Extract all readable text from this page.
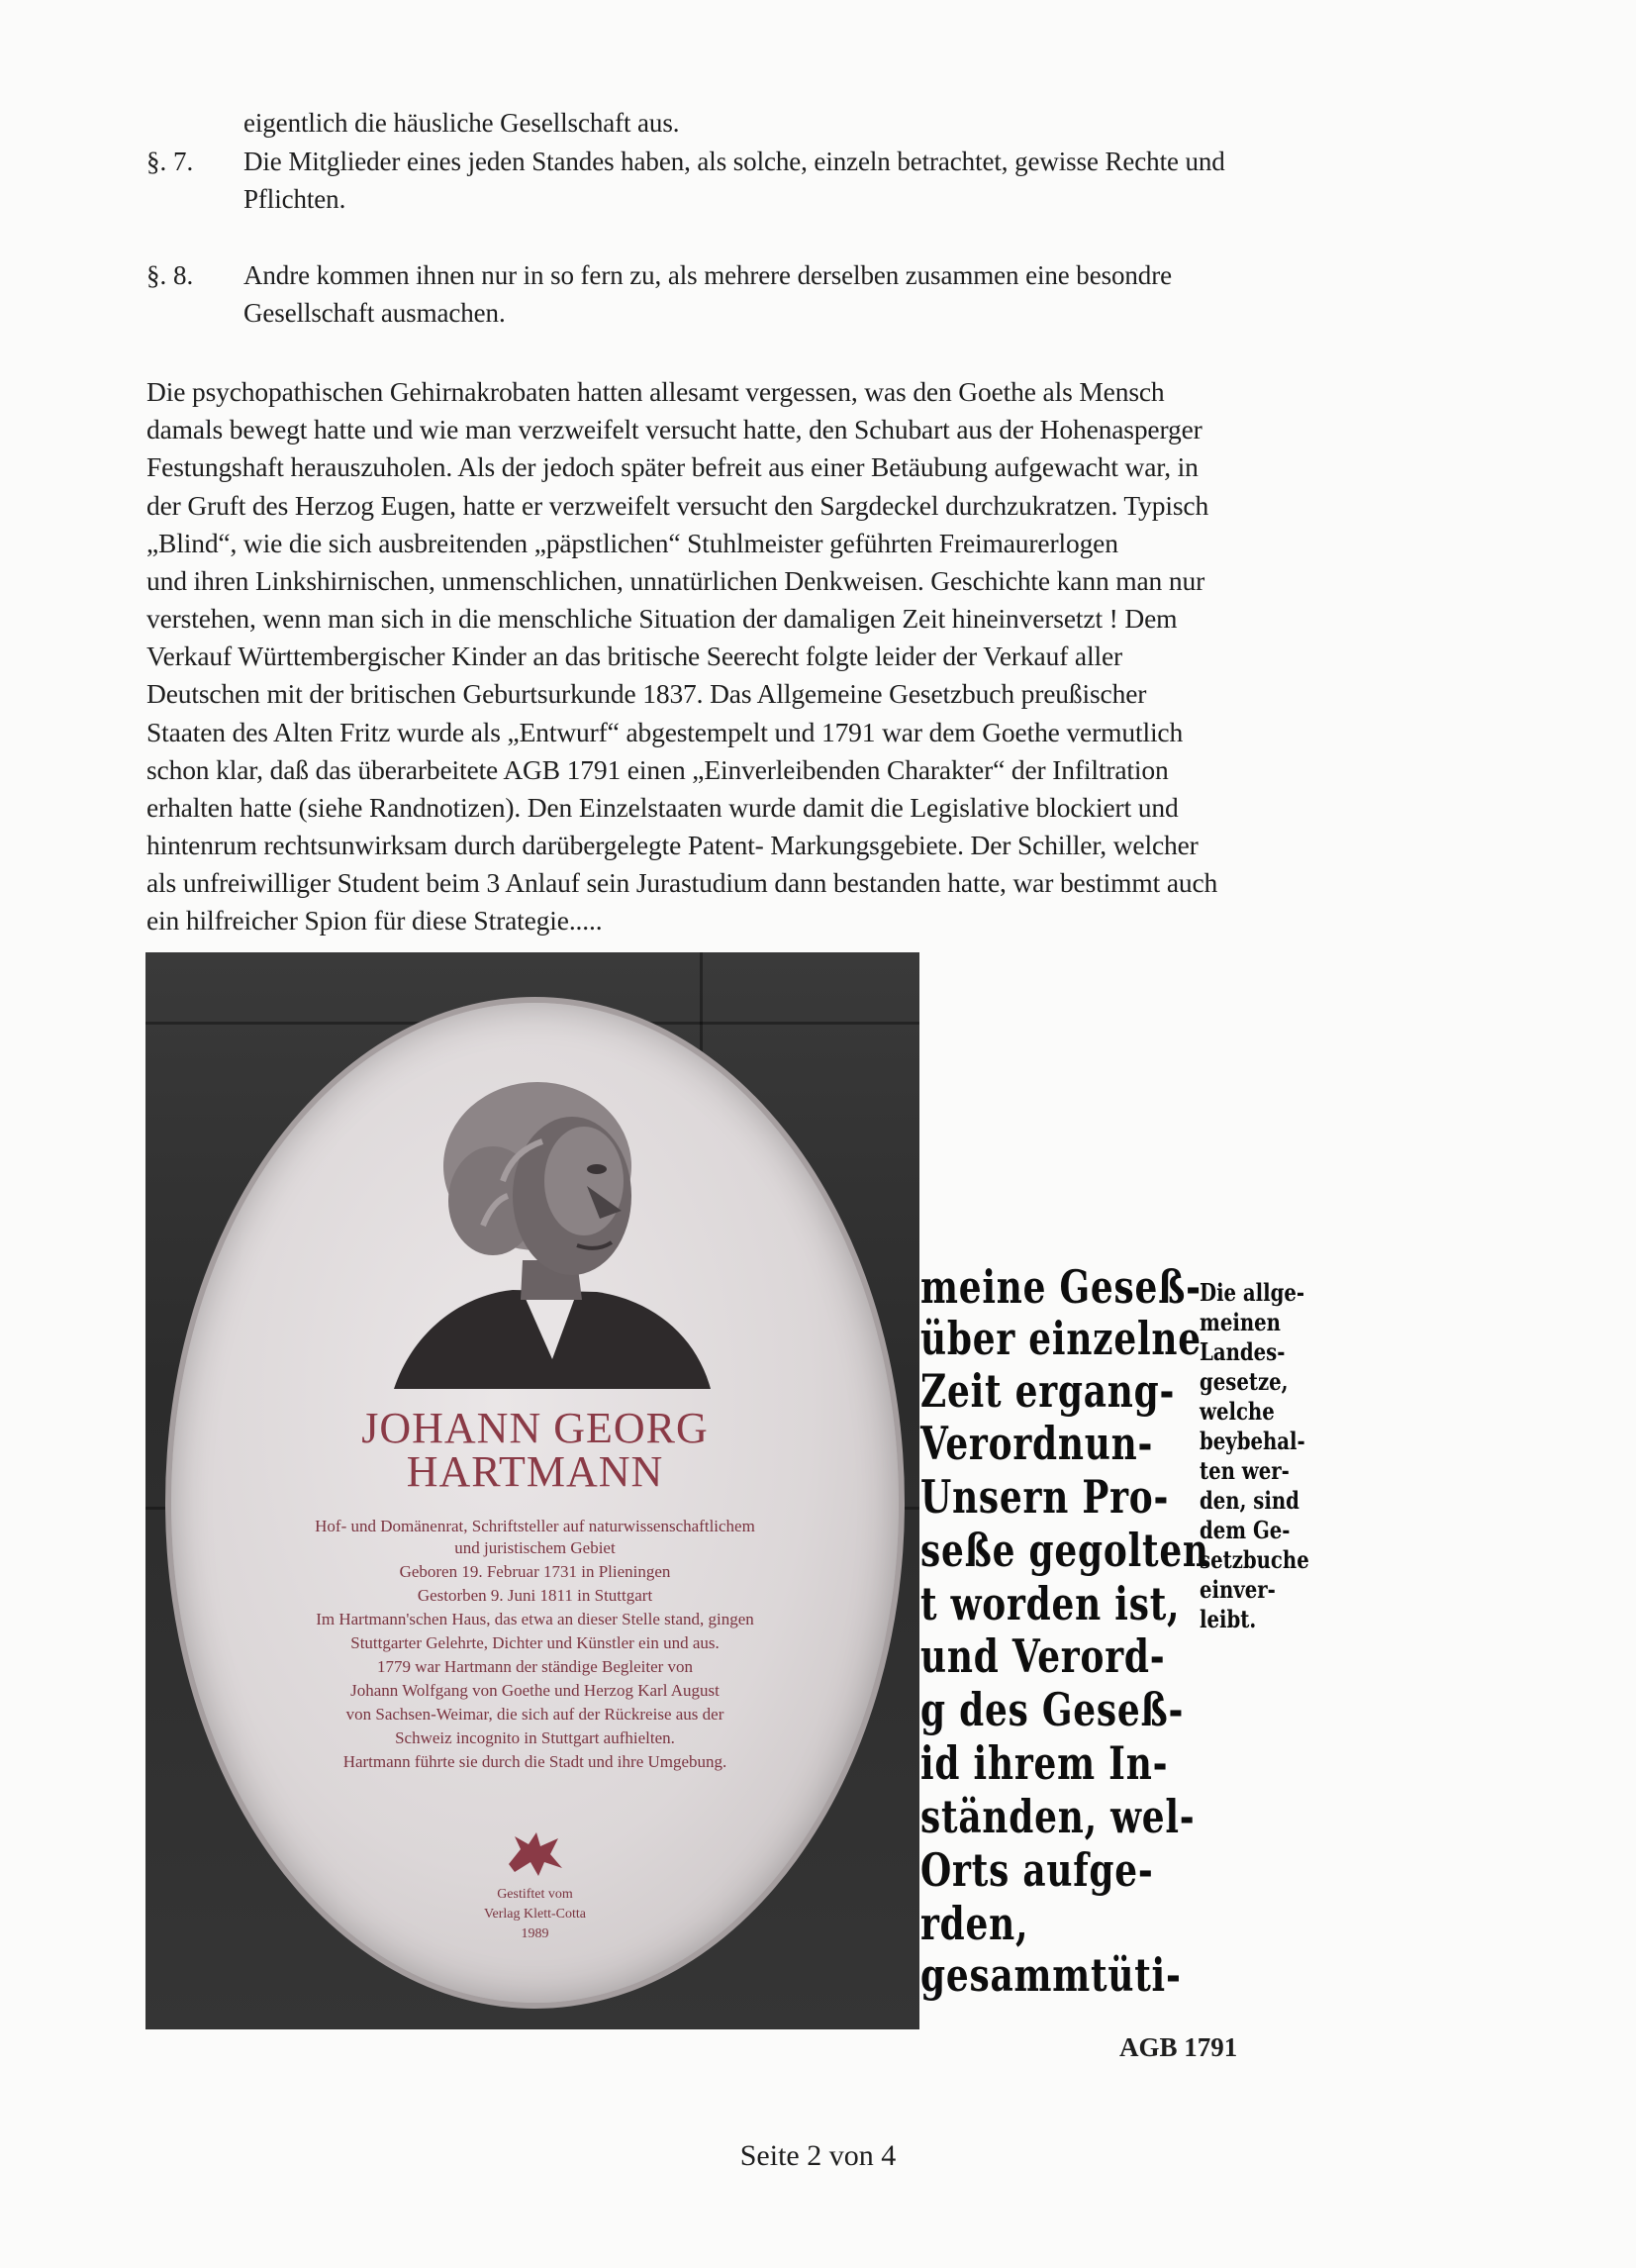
eigentlich die häusliche Gesellschaft aus.
§. 7. Die Mitglieder eines jeden Standes haben, als solche, einzeln betrachtet, gewisse Rechte und
Pflichten.
§. 8. Andre kommen ihnen nur in so fern zu, als mehrere derselben zusammen eine besondre
Gesellschaft ausmachen.
Die psychopathischen Gehirnakrobaten hatten allesamt vergessen, was den Goethe als Mensch
damals bewegt hatte und wie man verzweifelt versucht hatte, den Schubart aus der Hohenasperger
Festungshaft herauszuholen. Als der jedoch später befreit aus einer Betäubung aufgewacht war, in
der Gruft des Herzog Eugen, hatte er verzweifelt versucht den Sargdeckel durchzukratzen. Typisch
„Blind“, wie die sich ausbreitenden „päpstlichen“ Stuhlmeister geführten Freimaurerlogen
und ihren Linkshirnischen, unmenschlichen, unnatürlichen Denkweisen. Geschichte kann man nur
verstehen, wenn man sich in die menschliche Situation der damaligen Zeit hineinversetzt ! Dem
Verkauf Württembergischer Kinder an das britische Seerecht folgte leider der Verkauf aller
Deutschen mit der britischen Geburtsurkunde 1837. Das Allgemeine Gesetzbuch preußischer
Staaten des Alten Fritz wurde als „Entwurf“ abgestempelt und 1791 war dem Goethe vermutlich
schon klar, daß das überarbeitete AGB 1791 einen „Einverleibenden Charakter“ der Infiltration
erhalten hatte (siehe Randnotizen). Den Einzelstaaten wurde damit die Legislative blockiert und
hintenrum rechtsunwirksam durch darübergelegte Patent- Markungsgebiete. Der Schiller, welcher
als unfreiwilliger Student beim 3 Anlauf sein Jurastudium dann bestanden hatte, war bestimmt auch
ein hilfreicher Spion für diese Strategie.....
JOHANN GEORG
HARTMANN
Hof- und Domänenrat, Schriftsteller auf naturwissenschaftlichem
und juristischem Gebiet
Geboren 19. Februar 1731 in Plieningen
Gestorben 9. Juni 1811 in Stuttgart
Im Hartmann'schen Haus, das etwa an dieser Stelle stand, gingen
Stuttgarter Gelehrte, Dichter und Künstler ein und aus.
1779 war Hartmann der ständige Begleiter von
Johann Wolfgang von Goethe und Herzog Karl August
von Sachsen-Weimar, die sich auf der Rückreise aus der
Schweiz incognito in Stuttgart aufhielten.
Hartmann führte sie durch die Stadt und ihre Umgebung.
Gestiftet vom
Verlag Klett-Cotta
1989
meine Geseß-
über einzelne
Zeit ergang-
Verordnun-
Unsern Pro-
seße gegolten
t worden ist,
und Verord-
g des Geseß-
id ihrem In-
ständen, wel-
Orts aufge-
rden,
gesammtüti-
Die allge-
meinen
Landes-
gesetze,
welche
beybehal-
ten wer-
den, sind
dem Ge-
setzbuche
einver-
leibt.
AGB 1791
Seite 2 von 4
